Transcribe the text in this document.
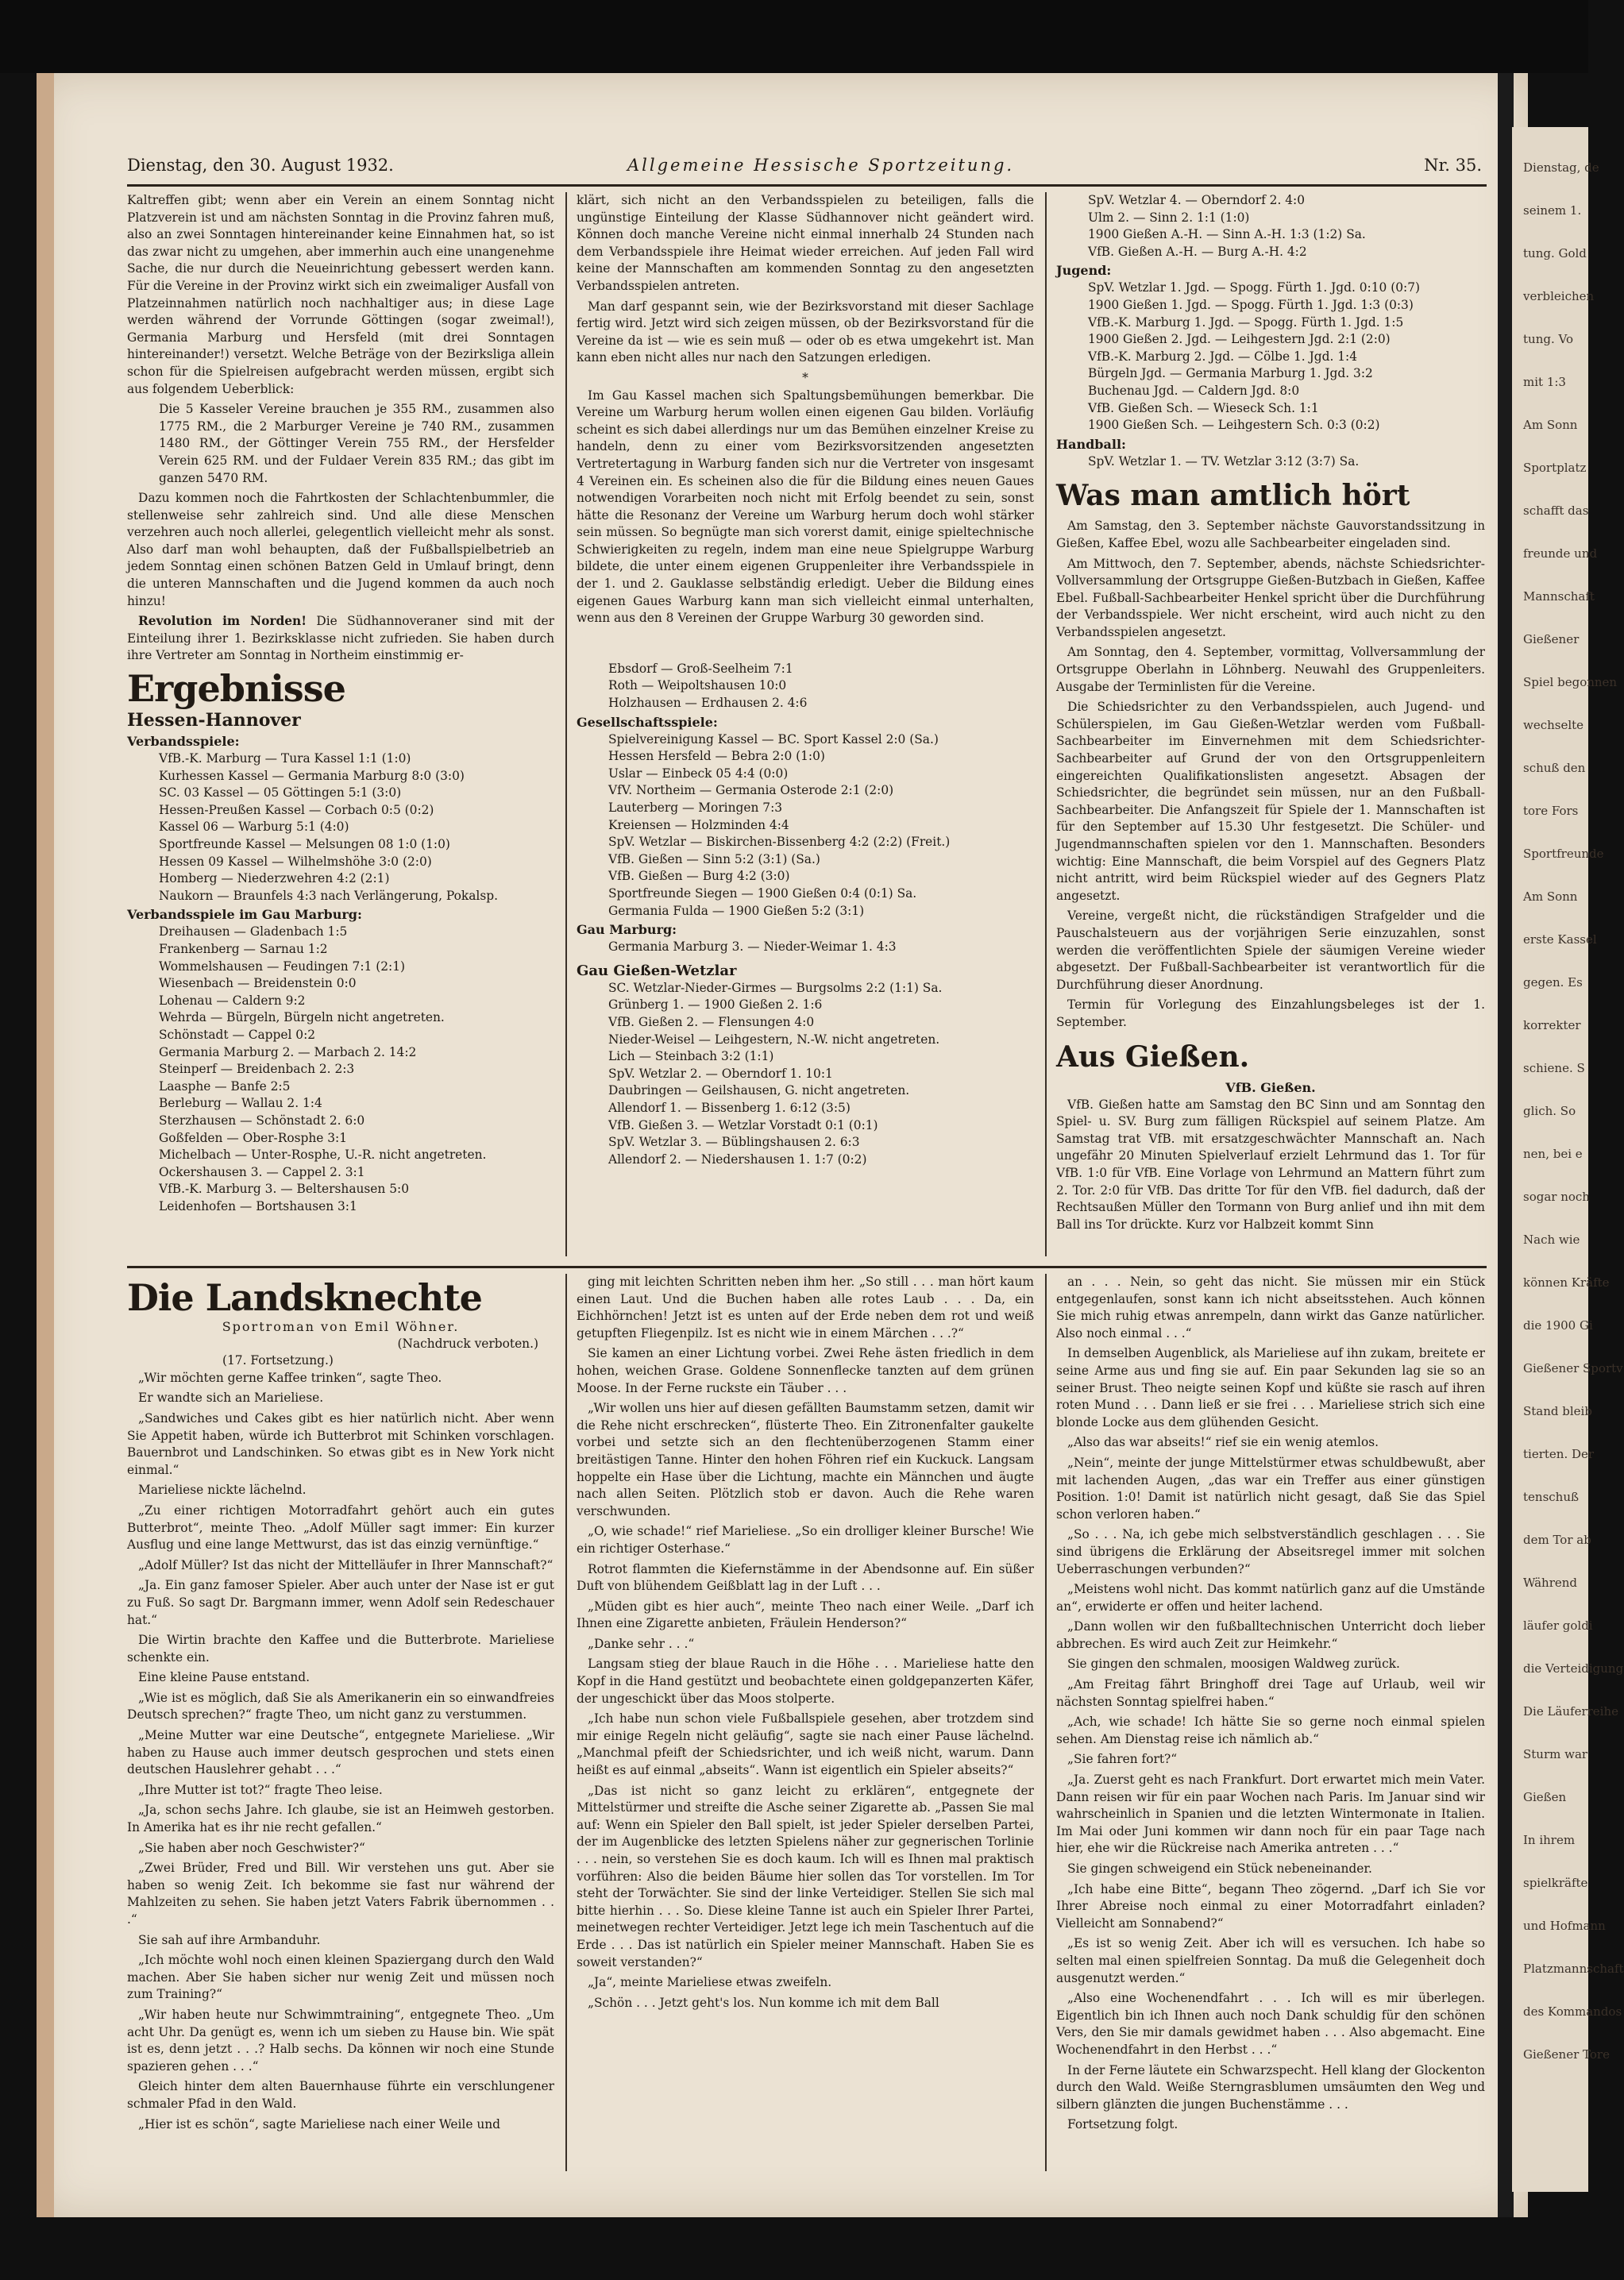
Dienstag, de
seinem 1.
tung. Gold
verbleichen
tung. Vo
mit 1:3
Am Sonn
Sportplatz
schafft das
freunde und
Mannschaft
Gießener
Spiel begonnen
wechselte
schuß den
tore Fors
Sportfreunde
Am Sonn
erste Kassel
gegen. Es
korrekter
schiene. S
glich. So
nen, bei e
sogar noch
Nach wie
können Kräfte
die 1900 Gi
Gießener Sportv
Stand bleib
tierten. Der
tenschuß
dem Tor ab
Während
läufer goldi
die Verteidigung
Die Läuferreihe
Sturm war
Gießen
In ihrem
spielkräfte
und Hofmann
Platzmannschaft
des Kommandos
Gießener Tore
Dienstag, den 30. August 1932.	Allgemeine Hessische Sportzeitung.	Nr. 35.

Kaltreffen gibt; wenn aber ein Verein an einem Sonntag nicht Platzverein ist und am nächsten Sonntag in die Provinz fahren muß, also an zwei Sonntagen hintereinander keine Einnahmen hat, so ist das zwar nicht zu umgehen, aber immerhin auch eine unangenehme Sache, die nur durch die Neueinrichtung gebessert werden kann. Für die Vereine in der Provinz wirkt sich ein zweimaliger Ausfall von Platzeinnahmen natürlich noch nachhaltiger aus; in diese Lage werden während der Vorrunde Göttingen (sogar zweimal!), Germania Marburg und Hersfeld (mit drei Sonntagen hintereinander!) versetzt. Welche Beträge von der Bezirksliga allein schon für die Spielreisen aufgebracht werden müssen, ergibt sich aus folgendem Ueberblick:

Die 5 Kasseler Vereine brauchen je 355 RM., zusammen also 1775 RM., die 2 Marburger Vereine je 740 RM., zusammen 1480 RM., der Göttinger Verein 755 RM., der Hersfelder Verein 625 RM. und der Fuldaer Verein 835 RM.; das gibt im ganzen 5470 RM.

Dazu kommen noch die Fahrtkosten der Schlachtenbummler, die stellenweise sehr zahlreich sind. Und alle diese Menschen verzehren auch noch allerlei, gelegentlich vielleicht mehr als sonst. Also darf man wohl behaupten, daß der Fußballspielbetrieb an jedem Sonntag einen schönen Batzen Geld in Umlauf bringt, denn die unteren Mannschaften und die Jugend kommen da auch noch hinzu!

Revolution im Norden! Die Südhannoveraner sind mit der Einteilung ihrer 1. Bezirksklasse nicht zufrieden. Sie haben durch ihre Vertreter am Sonntag in Northeim einstimmig er-

Ergebnisse
Hessen-Hannover
Verbandsspiele:
VfB.-K. Marburg — Tura Kassel 1:1 (1:0)
Kurhessen Kassel — Germania Marburg 8:0 (3:0)
SC. 03 Kassel — 05 Göttingen 5:1 (3:0)
Hessen-Preußen Kassel — Corbach 0:5 (0:2)
Kassel 06 — Warburg 5:1 (4:0)
Sportfreunde Kassel — Melsungen 08 1:0 (1:0)
Hessen 09 Kassel — Wilhelmshöhe 3:0 (2:0)
Homberg — Niederzwehren 4:2 (2:1)
Naukorn — Braunfels 4:3 nach Verlängerung, Pokalsp.
Verbandsspiele im Gau Marburg:
Dreihausen — Gladenbach 1:5
Frankenberg — Sarnau 1:2
Wommelshausen — Feudingen 7:1 (2:1)
Wiesenbach — Breidenstein 0:0
Lohenau — Caldern 9:2
Wehrda — Bürgeln, Bürgeln nicht angetreten.
Schönstadt — Cappel 0:2
Germania Marburg 2. — Marbach 2. 14:2
Steinperf — Breidenbach 2. 2:3
Laasphe — Banfe 2:5
Berleburg — Wallau 2. 1:4
Sterzhausen — Schönstadt 2. 6:0
Goßfelden — Ober-Rosphe 3:1
Michelbach — Unter-Rosphe, U.-R. nicht angetreten.
Ockershausen 3. — Cappel 2. 3:1
VfB.-K. Marburg 3. — Beltershausen 5:0
Leidenhofen — Bortshausen 3:1

klärt, sich nicht an den Verbandsspielen zu beteiligen, falls die ungünstige Einteilung der Klasse Südhannover nicht geändert wird. Können doch manche Vereine nicht einmal innerhalb 24 Stunden nach dem Verbandsspiele ihre Heimat wieder erreichen. Auf jeden Fall wird keine der Mannschaften am kommenden Sonntag zu den angesetzten Verbandsspielen antreten.

Man darf gespannt sein, wie der Bezirksvorstand mit dieser Sachlage fertig wird. Jetzt wird sich zeigen müssen, ob der Bezirksvorstand für die Vereine da ist — wie es sein muß — oder ob es etwa umgekehrt ist. Man kann eben nicht alles nur nach den Satzungen erledigen.

*

Im Gau Kassel machen sich Spaltungsbemühungen bemerkbar. Die Vereine um Warburg herum wollen einen eigenen Gau bilden. Vorläufig scheint es sich dabei allerdings nur um das Bemühen einzelner Kreise zu handeln, denn zu einer vom Bezirksvorsitzenden angesetzten Vertretertagung in Warburg fanden sich nur die Vertreter von insgesamt 4 Vereinen ein. Es scheinen also die für die Bildung eines neuen Gaues notwendigen Vorarbeiten noch nicht mit Erfolg beendet zu sein, sonst hätte die Resonanz der Vereine um Warburg herum doch wohl stärker sein müssen. So begnügte man sich vorerst damit, einige spieltechnische Schwierigkeiten zu regeln, indem man eine neue Spielgruppe Warburg bildete, die unter einem eigenen Gruppenleiter ihre Verbandsspiele in der 1. und 2. Gauklasse selbständig erledigt. Ueber die Bildung eines eigenen Gaues Warburg kann man sich vielleicht einmal unterhalten, wenn aus den 8 Vereinen der Gruppe Warburg 30 geworden sind.

Ebsdorf — Groß-Seelheim 7:1
Roth — Weipoltshausen 10:0
Holzhausen — Erdhausen 2. 4:6
Gesellschaftsspiele:
Spielvereinigung Kassel — BC. Sport Kassel 2:0 (Sa.)
Hessen Hersfeld — Bebra 2:0 (1:0)
Uslar — Einbeck 05 4:4 (0:0)
VfV. Northeim — Germania Osterode 2:1 (2:0)
Lauterberg — Moringen 7:3
Kreiensen — Holzminden 4:4
SpV. Wetzlar — Biskirchen-Bissenberg 4:2 (2:2) (Freit.)
VfB. Gießen — Sinn 5:2 (3:1) (Sa.)
VfB. Gießen — Burg 4:2 (3:0)
Sportfreunde Siegen — 1900 Gießen 0:4 (0:1) Sa.
Germania Fulda — 1900 Gießen 5:2 (3:1)
Gau Marburg:
Germania Marburg 3. — Nieder-Weimar 1. 4:3
Gau Gießen-Wetzlar
SC. Wetzlar-Nieder-Girmes — Burgsolms 2:2 (1:1) Sa.
Grünberg 1. — 1900 Gießen 2. 1:6
VfB. Gießen 2. — Flensungen 4:0
Nieder-Weisel — Leihgestern, N.-W. nicht angetreten.
Lich — Steinbach 3:2 (1:1)
SpV. Wetzlar 2. — Oberndorf 1. 10:1
Daubringen — Geilshausen, G. nicht angetreten.
Allendorf 1. — Bissenberg 1. 6:12 (3:5)
VfB. Gießen 3. — Wetzlar Vorstadt 0:1 (0:1)
SpV. Wetzlar 3. — Büblingshausen 2. 6:3
Allendorf 2. — Niedershausen 1. 1:7 (0:2)
SpV. Wetzlar 4. — Oberndorf 2. 4:0
Ulm 2. — Sinn 2. 1:1 (1:0)
1900 Gießen A.-H. — Sinn A.-H. 1:3 (1:2) Sa.
VfB. Gießen A.-H. — Burg A.-H. 4:2
Jugend:
SpV. Wetzlar 1. Jgd. — Spogg. Fürth 1. Jgd. 0:10 (0:7)
1900 Gießen 1. Jgd. — Spogg. Fürth 1. Jgd. 1:3 (0:3)
VfB.-K. Marburg 1. Jgd. — Spogg. Fürth 1. Jgd. 1:5
1900 Gießen 2. Jgd. — Leihgestern Jgd. 2:1 (2:0)
VfB.-K. Marburg 2. Jgd. — Cölbe 1. Jgd. 1:4
Bürgeln Jgd. — Germania Marburg 1. Jgd. 3:2
Buchenau Jgd. — Caldern Jgd. 8:0
VfB. Gießen Sch. — Wieseck Sch. 1:1
1900 Gießen Sch. — Leihgestern Sch. 0:3 (0:2)
Handball:
SpV. Wetzlar 1. — TV. Wetzlar 3:12 (3:7) Sa.
Was man amtlich hört

Am Samstag, den 3. September nächste Gauvorstandssitzung in Gießen, Kaffee Ebel, wozu alle Sachbearbeiter eingeladen sind.

Am Mittwoch, den 7. September, abends, nächste Schiedsrichter-Vollversammlung der Ortsgruppe Gießen-Butzbach in Gießen, Kaffee Ebel. Fußball-Sachbearbeiter Henkel spricht über die Durchführung der Verbandsspiele. Wer nicht erscheint, wird auch nicht zu den Verbandsspielen angesetzt.

Am Sonntag, den 4. September, vormittag, Vollversammlung der Ortsgruppe Oberlahn in Löhnberg. Neuwahl des Gruppenleiters. Ausgabe der Terminlisten für die Vereine.

Die Schiedsrichter zu den Verbandsspielen, auch Jugend- und Schülerspielen, im Gau Gießen-Wetzlar werden vom Fußball-Sachbearbeiter im Einvernehmen mit dem Schiedsrichter-Sachbearbeiter auf Grund der von den Ortsgruppenleitern eingereichten Qualifikationslisten angesetzt. Absagen der Schiedsrichter, die begründet sein müssen, nur an den Fußball-Sachbearbeiter. Die Anfangszeit für Spiele der 1. Mannschaften ist für den September auf 15.30 Uhr festgesetzt. Die Schüler- und Jugendmannschaften spielen vor den 1. Mannschaften. Besonders wichtig: Eine Mannschaft, die beim Vorspiel auf des Gegners Platz nicht antritt, wird beim Rückspiel wieder auf des Gegners Platz angesetzt.

Vereine, vergeßt nicht, die rückständigen Strafgelder und die Pauschalsteuern aus der vorjährigen Serie einzuzahlen, sonst werden die veröffentlichten Spiele der säumigen Vereine wieder abgesetzt. Der Fußball-Sachbearbeiter ist verantwortlich für die Durchführung dieser Anordnung.

Termin für Vorlegung des Einzahlungsbeleges ist der 1. September.

Aus Gießen.
VfB. Gießen.

VfB. Gießen hatte am Samstag den BC Sinn und am Sonntag den Spiel- u. SV. Burg zum fälligen Rückspiel auf seinem Platze. Am Samstag trat VfB. mit ersatzgeschwächter Mannschaft an. Nach ungefähr 20 Minuten Spielverlauf erzielt Lehrmund das 1. Tor für VfB. 1:0 für VfB. Eine Vorlage von Lehrmund an Mattern führt zum 2. Tor. 2:0 für VfB. Das dritte Tor für den VfB. fiel dadurch, daß der Rechtsaußen Müller den Tormann von Burg anlief und ihn mit dem Ball ins Tor drückte. Kurz vor Halbzeit kommt Sinn

Die Landsknechte
Sportroman von Emil Wöhner.
(Nachdruck verboten.)
(17. Fortsetzung.)

„Wir möchten gerne Kaffee trinken“, sagte Theo.

Er wandte sich an Marieliese.

„Sandwiches und Cakes gibt es hier natürlich nicht. Aber wenn Sie Appetit haben, würde ich Butterbrot mit Schinken vorschlagen. Bauernbrot und Landschinken. So etwas gibt es in New York nicht einmal.“

Marieliese nickte lächelnd.

„Zu einer richtigen Motorradfahrt gehört auch ein gutes Butterbrot“, meinte Theo. „Adolf Müller sagt immer: Ein kurzer Ausflug und eine lange Mettwurst, das ist das einzig vernünftige.“

„Adolf Müller? Ist das nicht der Mittelläufer in Ihrer Mannschaft?“

„Ja. Ein ganz famoser Spieler. Aber auch unter der Nase ist er gut zu Fuß. So sagt Dr. Bargmann immer, wenn Adolf sein Redeschauer hat.“

Die Wirtin brachte den Kaffee und die Butterbrote. Marieliese schenkte ein.

Eine kleine Pause entstand.

„Wie ist es möglich, daß Sie als Amerikanerin ein so einwandfreies Deutsch sprechen?“ fragte Theo, um nicht ganz zu verstummen.

„Meine Mutter war eine Deutsche“, entgegnete Marieliese. „Wir haben zu Hause auch immer deutsch gesprochen und stets einen deutschen Hauslehrer gehabt . . .“

„Ihre Mutter ist tot?“ fragte Theo leise.

„Ja, schon sechs Jahre. Ich glaube, sie ist an Heimweh gestorben. In Amerika hat es ihr nie recht gefallen.“

„Sie haben aber noch Geschwister?“

„Zwei Brüder, Fred und Bill. Wir verstehen uns gut. Aber sie haben so wenig Zeit. Ich bekomme sie fast nur während der Mahlzeiten zu sehen. Sie haben jetzt Vaters Fabrik übernommen . . .“

Sie sah auf ihre Armbanduhr.

„Ich möchte wohl noch einen kleinen Spaziergang durch den Wald machen. Aber Sie haben sicher nur wenig Zeit und müssen noch zum Training?“

„Wir haben heute nur Schwimmtraining“, entgegnete Theo. „Um acht Uhr. Da genügt es, wenn ich um sieben zu Hause bin. Wie spät ist es, denn jetzt . . .? Halb sechs. Da können wir noch eine Stunde spazieren gehen . . .“

Gleich hinter dem alten Bauernhause führte ein verschlungener schmaler Pfad in den Wald.

„Hier ist es schön“, sagte Marieliese nach einer Weile und

ging mit leichten Schritten neben ihm her. „So still . . . man hört kaum einen Laut. Und die Buchen haben alle rotes Laub . . . Da, ein Eichhörnchen! Jetzt ist es unten auf der Erde neben dem rot und weiß getupften Fliegenpilz. Ist es nicht wie in einem Märchen . . .?“

Sie kamen an einer Lichtung vorbei. Zwei Rehe ästen friedlich in dem hohen, weichen Grase. Goldene Sonnenflecke tanzten auf dem grünen Moose. In der Ferne ruckste ein Täuber . . .

„Wir wollen uns hier auf diesen gefällten Baumstamm setzen, damit wir die Rehe nicht erschrecken“, flüsterte Theo. Ein Zitronenfalter gaukelte vorbei und setzte sich an den flechtenüberzogenen Stamm einer breitästigen Tanne. Hinter den hohen Föhren rief ein Kuckuck. Langsam hoppelte ein Hase über die Lichtung, machte ein Männchen und äugte nach allen Seiten. Plötzlich stob er davon. Auch die Rehe waren verschwunden.

„O, wie schade!“ rief Marieliese. „So ein drolliger kleiner Bursche! Wie ein richtiger Osterhase.“

Rotrot flammten die Kiefernstämme in der Abendsonne auf. Ein süßer Duft von blühendem Geißblatt lag in der Luft . . .

„Müden gibt es hier auch“, meinte Theo nach einer Weile. „Darf ich Ihnen eine Zigarette anbieten, Fräulein Henderson?“

„Danke sehr . . .“

Langsam stieg der blaue Rauch in die Höhe . . . Marieliese hatte den Kopf in die Hand gestützt und beobachtete einen goldgepanzerten Käfer, der ungeschickt über das Moos stolperte.

„Ich habe nun schon viele Fußballspiele gesehen, aber trotzdem sind mir einige Regeln nicht geläufig“, sagte sie nach einer Pause lächelnd. „Manchmal pfeift der Schiedsrichter, und ich weiß nicht, warum. Dann heißt es auf einmal „abseits“. Wann ist eigentlich ein Spieler abseits?“

„Das ist nicht so ganz leicht zu erklären“, entgegnete der Mittelstürmer und streifte die Asche seiner Zigarette ab. „Passen Sie mal auf: Wenn ein Spieler den Ball spielt, ist jeder Spieler derselben Partei, der im Augenblicke des letzten Spielens näher zur gegnerischen Torlinie . . . nein, so verstehen Sie es doch kaum. Ich will es Ihnen mal praktisch vorführen: Also die beiden Bäume hier sollen das Tor vorstellen. Im Tor steht der Torwächter. Sie sind der linke Verteidiger. Stellen Sie sich mal bitte hierhin . . . So. Diese kleine Tanne ist auch ein Spieler Ihrer Partei, meinetwegen rechter Verteidiger. Jetzt lege ich mein Taschentuch auf die Erde . . . Das ist natürlich ein Spieler meiner Mannschaft. Haben Sie es soweit verstanden?“

„Ja“, meinte Marieliese etwas zweifeln.

„Schön . . . Jetzt geht's los. Nun komme ich mit dem Ball

an . . . Nein, so geht das nicht. Sie müssen mir ein Stück entgegenlaufen, sonst kann ich nicht abseitsstehen. Auch können Sie mich ruhig etwas anrempeln, dann wirkt das Ganze natürlicher. Also noch einmal . . .“

In demselben Augenblick, als Marieliese auf ihn zukam, breitete er seine Arme aus und fing sie auf. Ein paar Sekunden lag sie so an seiner Brust. Theo neigte seinen Kopf und küßte sie rasch auf ihren roten Mund . . . Dann ließ er sie frei . . . Marieliese strich sich eine blonde Locke aus dem glühenden Gesicht.

„Also das war abseits!“ rief sie ein wenig atemlos.

„Nein“, meinte der junge Mittelstürmer etwas schuldbewußt, aber mit lachenden Augen, „das war ein Treffer aus einer günstigen Position. 1:0! Damit ist natürlich nicht gesagt, daß Sie das Spiel schon verloren haben.“

„So . . . Na, ich gebe mich selbstverständlich geschlagen . . . Sie sind übrigens die Erklärung der Abseitsregel immer mit solchen Ueberraschungen verbunden?“

„Meistens wohl nicht. Das kommt natürlich ganz auf die Umstände an“, erwiderte er offen und heiter lachend.

„Dann wollen wir den fußballtechnischen Unterricht doch lieber abbrechen. Es wird auch Zeit zur Heimkehr.“

Sie gingen den schmalen, moosigen Waldweg zurück.

„Am Freitag fährt Bringhoff drei Tage auf Urlaub, weil wir nächsten Sonntag spielfrei haben.“

„Ach, wie schade! Ich hätte Sie so gerne noch einmal spielen sehen. Am Dienstag reise ich nämlich ab.“

„Sie fahren fort?“

„Ja. Zuerst geht es nach Frankfurt. Dort erwartet mich mein Vater. Dann reisen wir für ein paar Wochen nach Paris. Im Januar sind wir wahrscheinlich in Spanien und die letzten Wintermonate in Italien. Im Mai oder Juni kommen wir dann noch für ein paar Tage nach hier, ehe wir die Rückreise nach Amerika antreten . . .“

Sie gingen schweigend ein Stück nebeneinander.

„Ich habe eine Bitte“, begann Theo zögernd. „Darf ich Sie vor Ihrer Abreise noch einmal zu einer Motorradfahrt einladen? Vielleicht am Sonnabend?“

„Es ist so wenig Zeit. Aber ich will es versuchen. Ich habe so selten mal einen spielfreien Sonntag. Da muß die Gelegenheit doch ausgenutzt werden.“

„Also eine Wochenendfahrt . . . Ich will es mir überlegen. Eigentlich bin ich Ihnen auch noch Dank schuldig für den schönen Vers, den Sie mir damals gewidmet haben . . . Also abgemacht. Eine Wochenendfahrt in den Herbst . . .“

In der Ferne läutete ein Schwarzspecht. Hell klang der Glockenton durch den Wald. Weiße Sterngrasblumen umsäumten den Weg und silbern glänzten die jungen Buchenstämme . . .

Fortsetzung folgt.
